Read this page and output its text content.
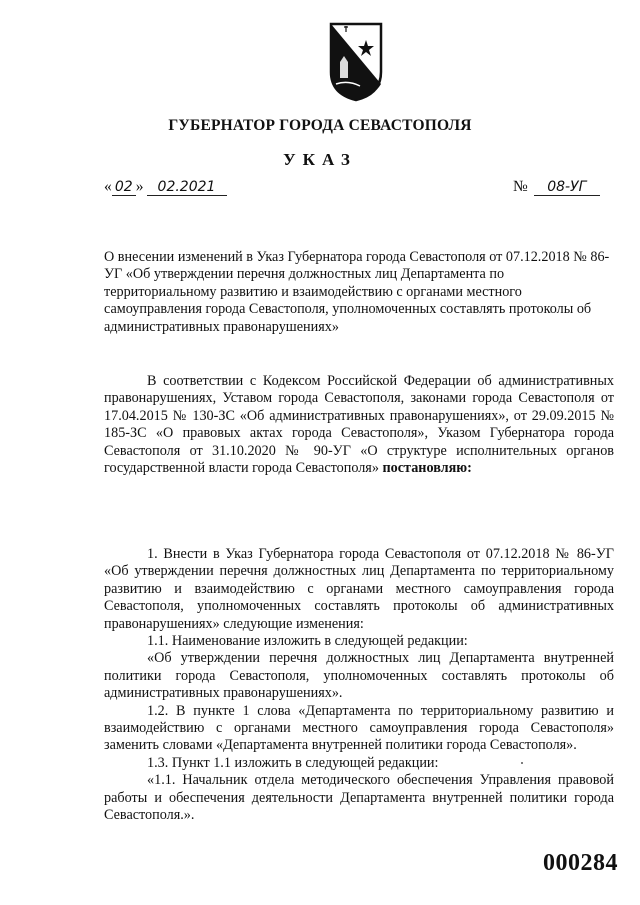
ГУБЕРНАТОР ГОРОДА СЕВАСТОПОЛЯ
УКАЗ
« 02 » 02.2021	№ 08-УГ
О внесении изменений в Указ Губернатора города Севастополя от 07.12.2018 № 86-УГ «Об утверждении перечня должностных лиц Департамента по территориальному развитию и взаимодействию с органами местного самоуправления города Севастополя, уполномоченных составлять протоколы об административных правонарушениях»
В соответствии с Кодексом Российской Федерации об административных правонарушениях, Уставом города Севастополя, законами города Севастополя от 17.04.2015 № 130-ЗС «Об административных правонарушениях», от 29.09.2015 № 185-ЗС «О правовых актах города Севастополя», Указом Губернатора города Севастополя от 31.10.2020 № 90-УГ «О структуре исполнительных органов государственной власти города Севастополя» постановляю:
1. Внести в Указ Губернатора города Севастополя от 07.12.2018 № 86-УГ «Об утверждении перечня должностных лиц Департамента по территориальному развитию и взаимодействию с органами местного самоуправления города Севастополя, уполномоченных составлять протоколы об административных правонарушениях» следующие изменения:
1.1. Наименование изложить в следующей редакции:
«Об утверждении перечня должностных лиц Департамента внутренней политики города Севастополя, уполномоченных составлять протоколы об административных правонарушениях».
1.2. В пункте 1 слова «Департамента по территориальному развитию и взаимодействию с органами местного самоуправления города Севастополя» заменить словами «Департамента внутренней политики города Севастополя».
1.3. Пункт 1.1 изложить в следующей редакции:
«1.1. Начальник отдела методического обеспечения Управления правовой работы и обеспечения деятельности Департамента внутренней политики города Севастополя.».
000284
